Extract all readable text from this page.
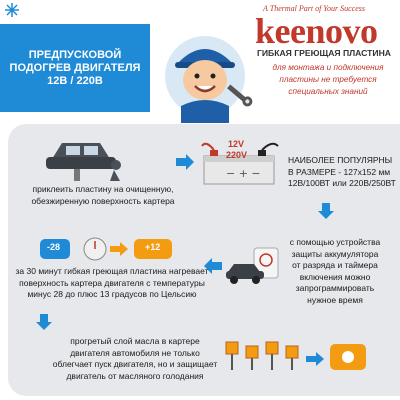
ПРЕДПУСКОВОЙ
ПОДОГРЕВ ДВИГАТЕЛЯ
12В / 220В
A Thermal Part of Your Success
keenovo
ГИБКАЯ ГРЕЮЩАЯ ПЛАСТИНА
для монтажа и подключения
пластины не требуется
специальных знаний
приклеить пластину на очищенную,
обезжиренную поверхность картера
− + −
12V
220V	НАИБОЛЕЕ ПОПУЛЯРНЫ
В РАЗМЕРЕ - 127х152 мм
12В/100ВТ или 220В/250ВТ
с помощью устройства
защиты аккумулятора
от разряда и таймера
включения можно
запрограммировать
нужное время
-28	+12
за 30 минут гибкая греющая пластина нагревает
поверхность картера двигателя с температуры
минус 28 до плюс 13 градусов по Цельсию
прогретый слой масла в картере
двигателя автомобиля не только
облегчает пуск двигателя, но и защищает
двигатель от масляного голодания
